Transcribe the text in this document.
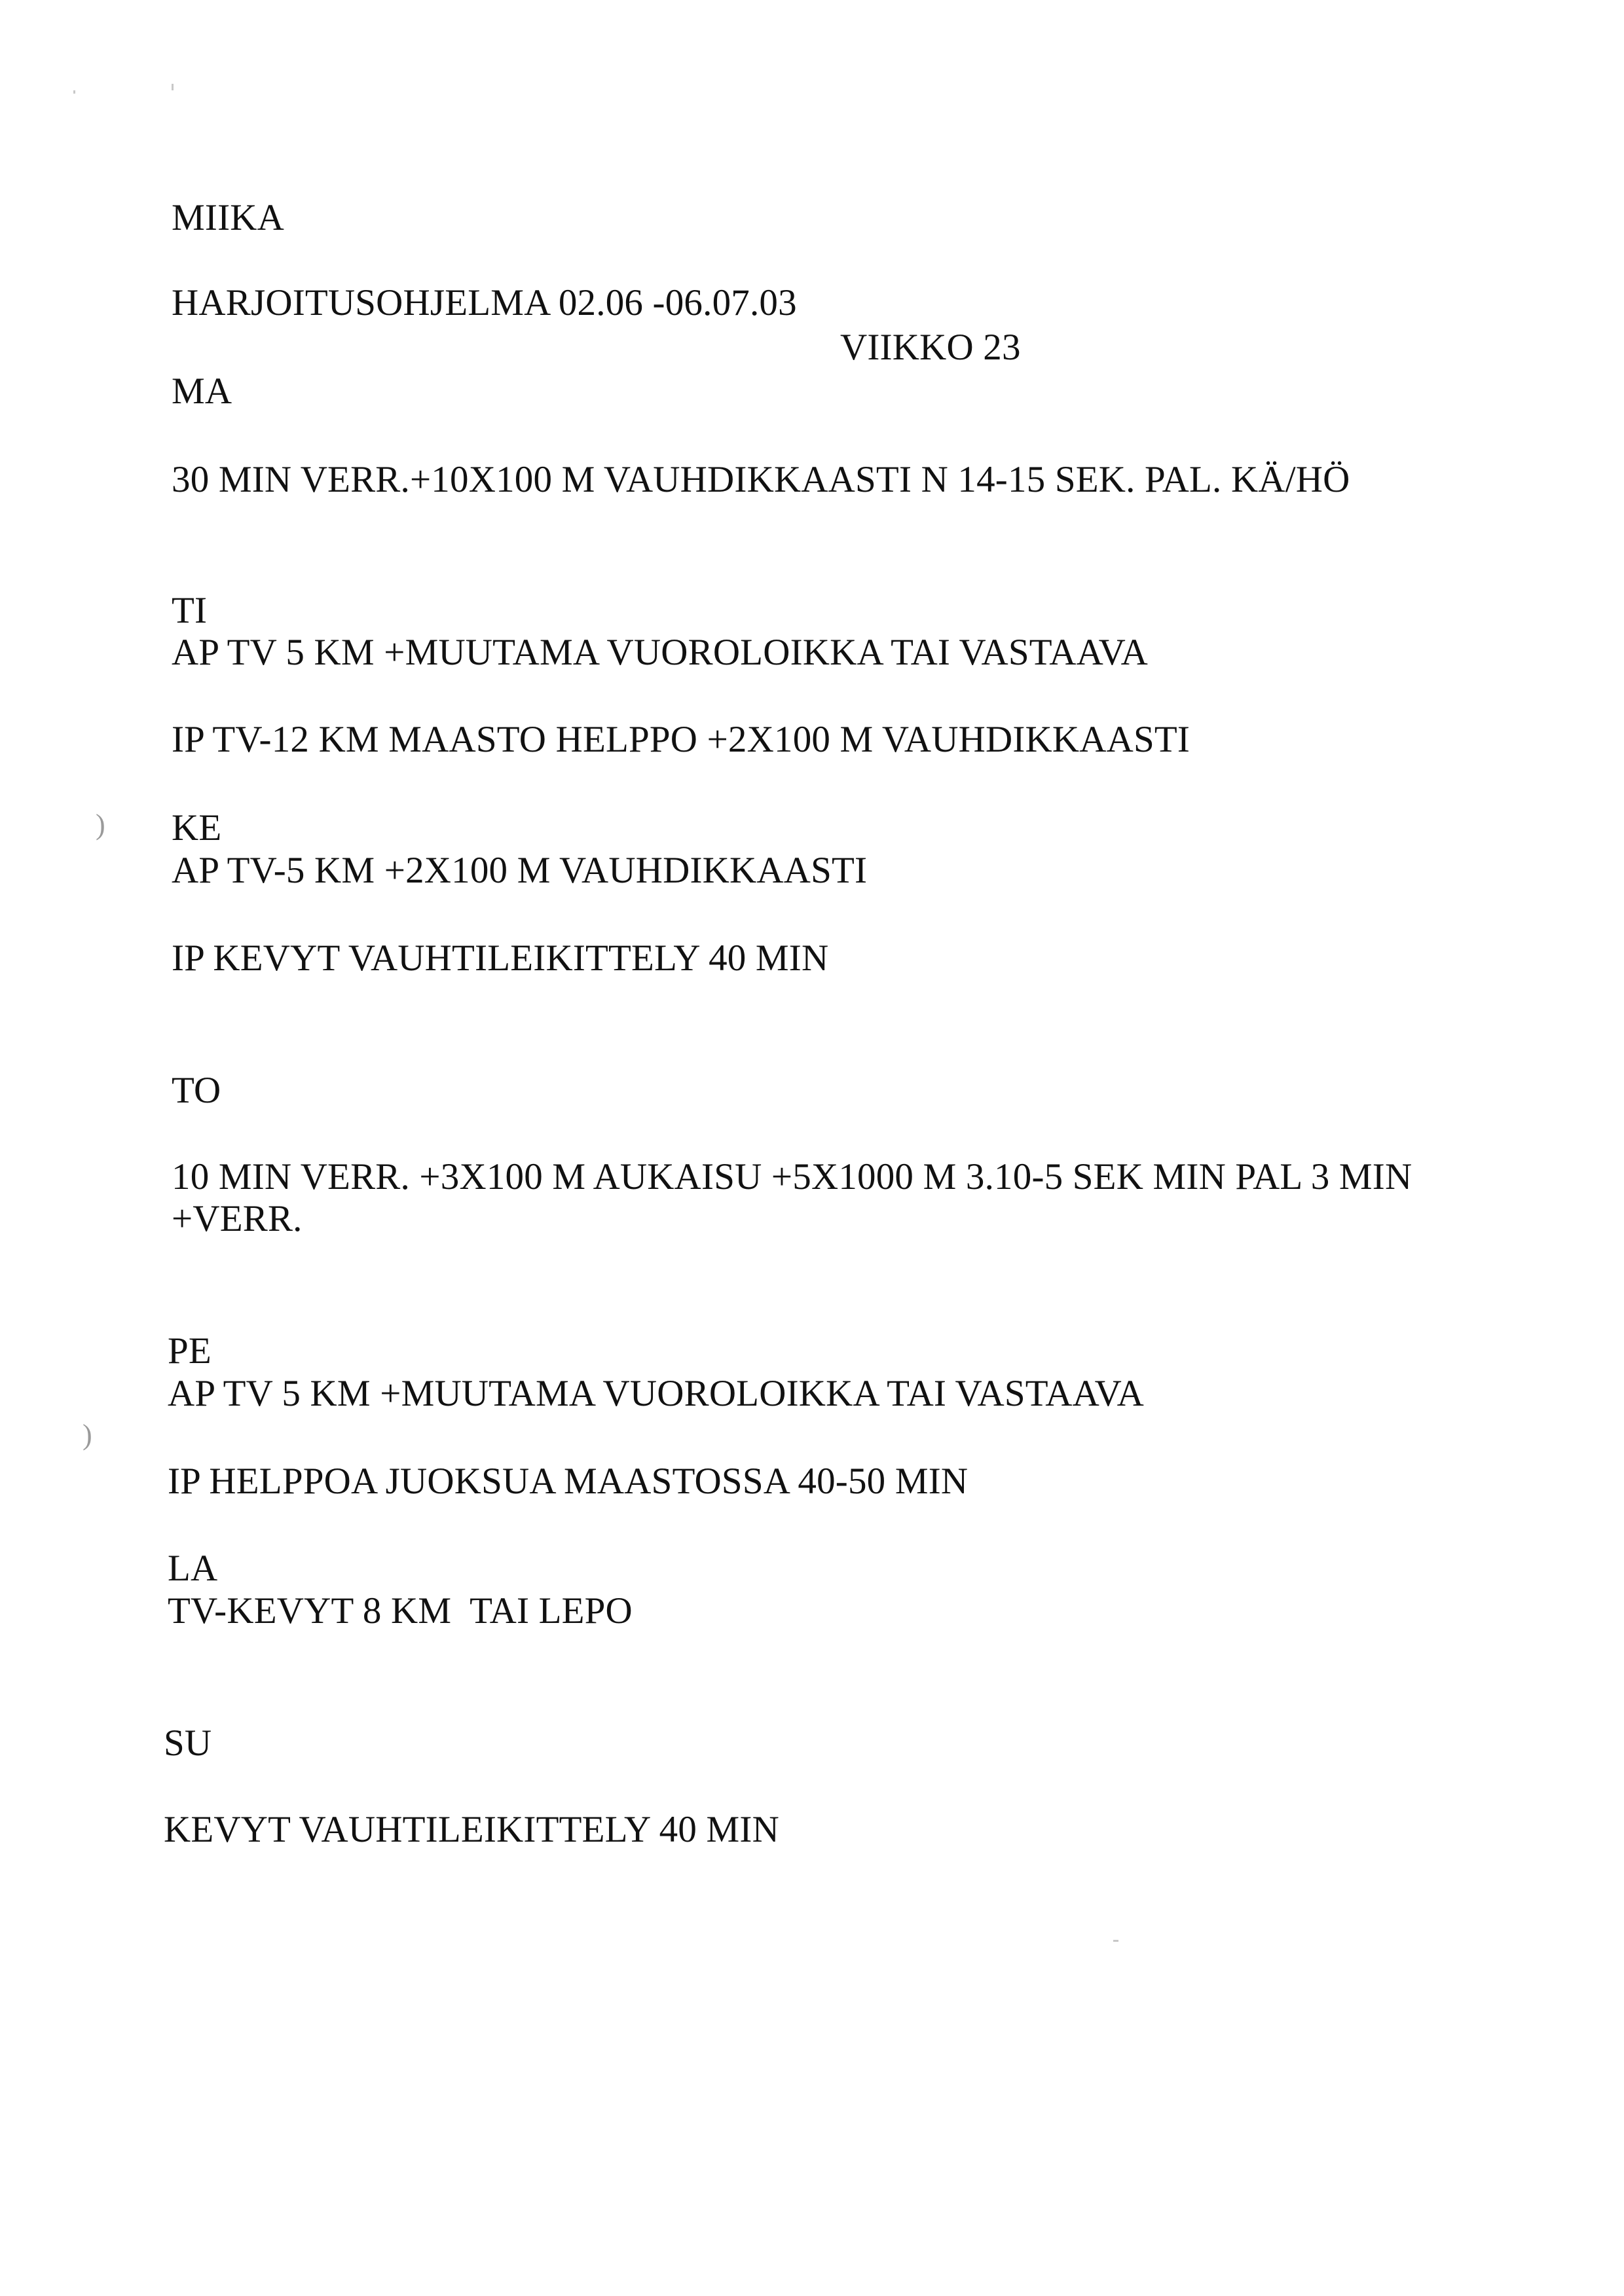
)
)
MIIKA
HARJOITUSOHJELMA 02.06 -06.07.03
VIIKKO 23
MA
30 MIN VERR.+10X100 M VAUHDIKKAASTI N 14-15 SEK. PAL. KÄ/HÖ
TI
AP TV 5 KM +MUUTAMA VUOROLOIKKA TAI VASTAAVA
IP TV-12 KM MAASTO HELPPO +2X100 M VAUHDIKKAASTI
KE
AP TV-5 KM +2X100 M VAUHDIKKAASTI
IP KEVYT VAUHTILEIKITTELY 40 MIN
TO
10 MIN VERR. +3X100 M AUKAISU +5X1000 M 3.10-5 SEK MIN PAL 3 MIN
+VERR.
PE
AP TV 5 KM +MUUTAMA VUOROLOIKKA TAI VASTAAVA
IP HELPPOA JUOKSUA MAASTOSSA 40-50 MIN
LA
TV-KEVYT 8 KM  TAI LEPO
SU
KEVYT VAUHTILEIKITTELY 40 MIN
